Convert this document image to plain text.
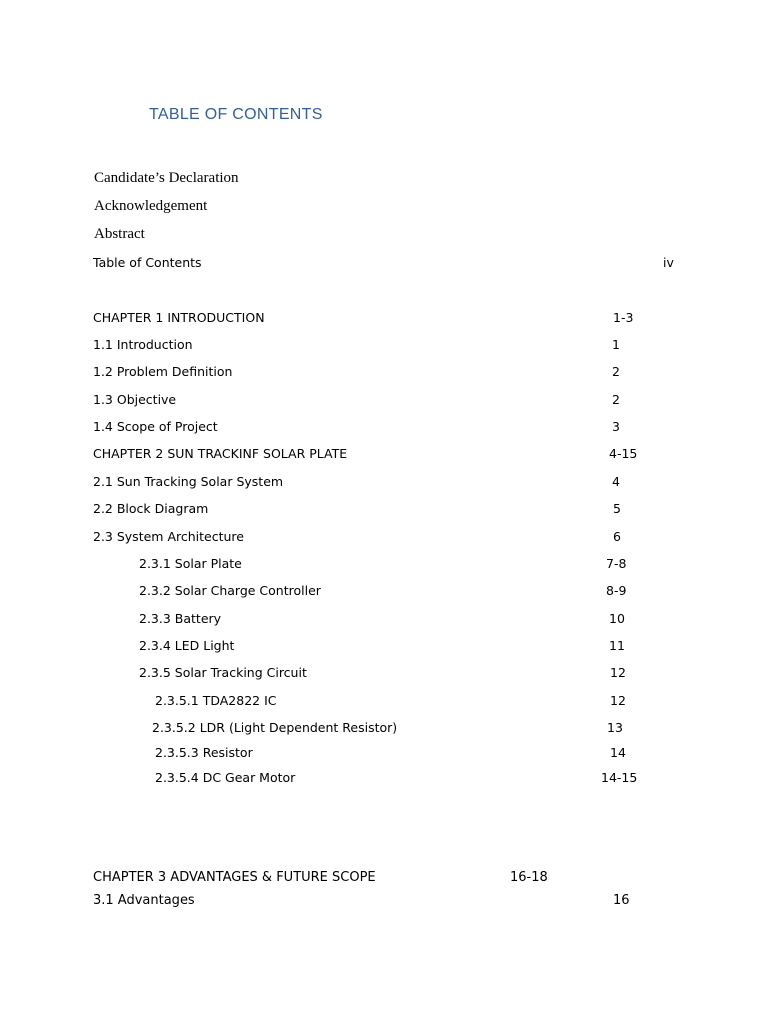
TABLE OF CONTENTS
Candidate’s Declaration
Acknowledgement
Abstract
Table of Contents	iv
CHAPTER 1 INTRODUCTION	1-3
1.1 Introduction	1
1.2 Problem Definition	2
1.3 Objective	2
1.4 Scope of Project	3
CHAPTER 2 SUN TRACKINF SOLAR PLATE	4-15
2.1 Sun Tracking Solar System	4
2.2 Block Diagram	5
2.3 System Architecture	6
2.3.1 Solar Plate	7-8
2.3.2 Solar Charge Controller	8-9
2.3.3 Battery	10
2.3.4 LED Light	11
2.3.5 Solar Tracking Circuit	12
2.3.5.1 TDA2822 IC	12
2.3.5.2 LDR (Light Dependent Resistor)	13
2.3.5.3 Resistor	14
2.3.5.4 DC Gear Motor	14-15
CHAPTER 3 ADVANTAGES & FUTURE SCOPE	16-18
3.1 Advantages	16
